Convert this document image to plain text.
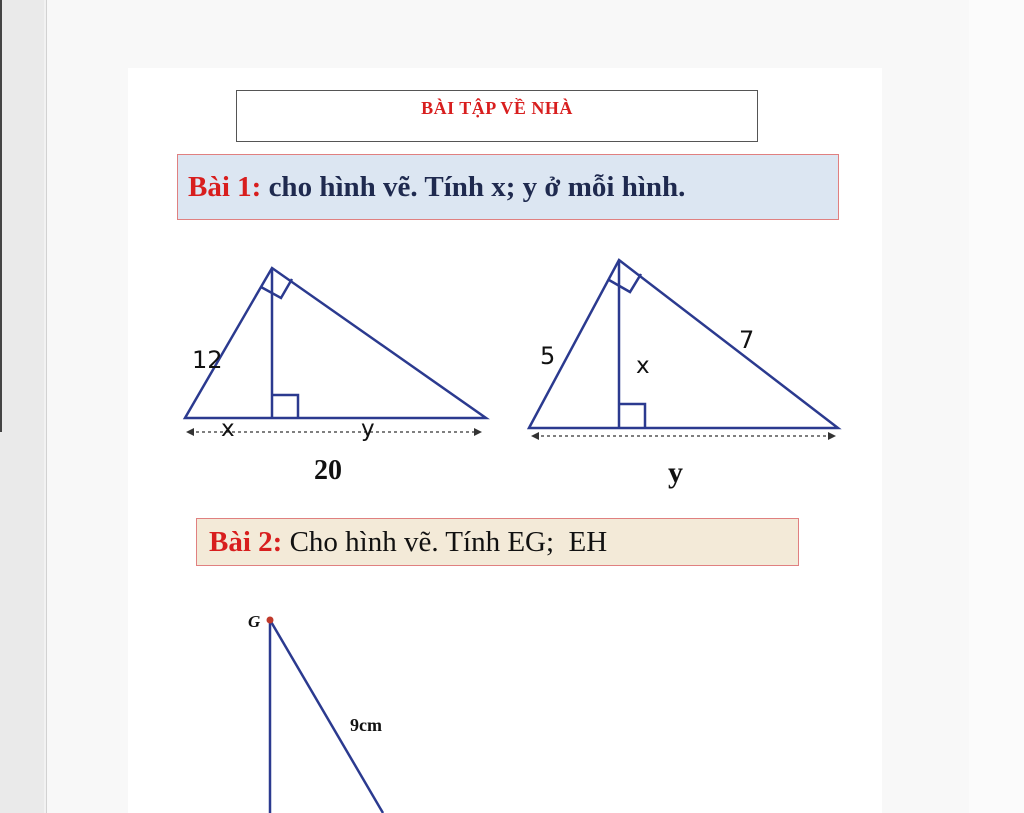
BÀI TẬP VỀ NHÀ
Bài 1: cho hình vẽ. Tính x; y ở mỗi hình.
12
x	y
20
5
7
x
y
G
9cm
Bài 2: Cho hình vẽ. Tính EG;  EH
